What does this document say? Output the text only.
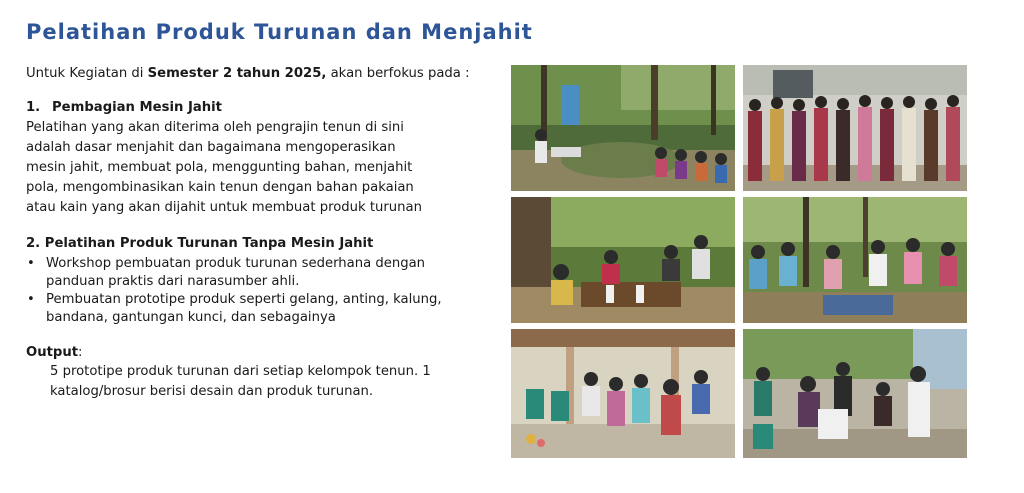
Pelatihan Produk Turunan dan Menjahit

Untuk Kegiatan di Semester 2 tahun 2025, akan berfokus pada :

1. Pembagian Mesin Jahit
Pelatihan yang akan diterima oleh pengrajin tenun di sini
adalah dasar menjahit dan bagaimana mengoperasikan
mesin jahit, membuat pola, menggunting bahan, menjahit
pola, mengombinasikan kain tenun dengan bahan pakaian
atau kain yang akan dijahit untuk membuat produk turunan
2. Pelatihan Produk Turunan Tanpa Mesin Jahit
• Workshop pembuatan produk turunan sederhana dengan
panduan praktis dari narasumber ahli.
• Pembuatan prototipe produk seperti gelang, anting, kalung,
bandana, gantungan kunci, dan sebagainya
Output:
5 prototipe produk turunan dari setiap kelompok tenun. 1
katalog/brosur berisi desain dan produk turunan.
